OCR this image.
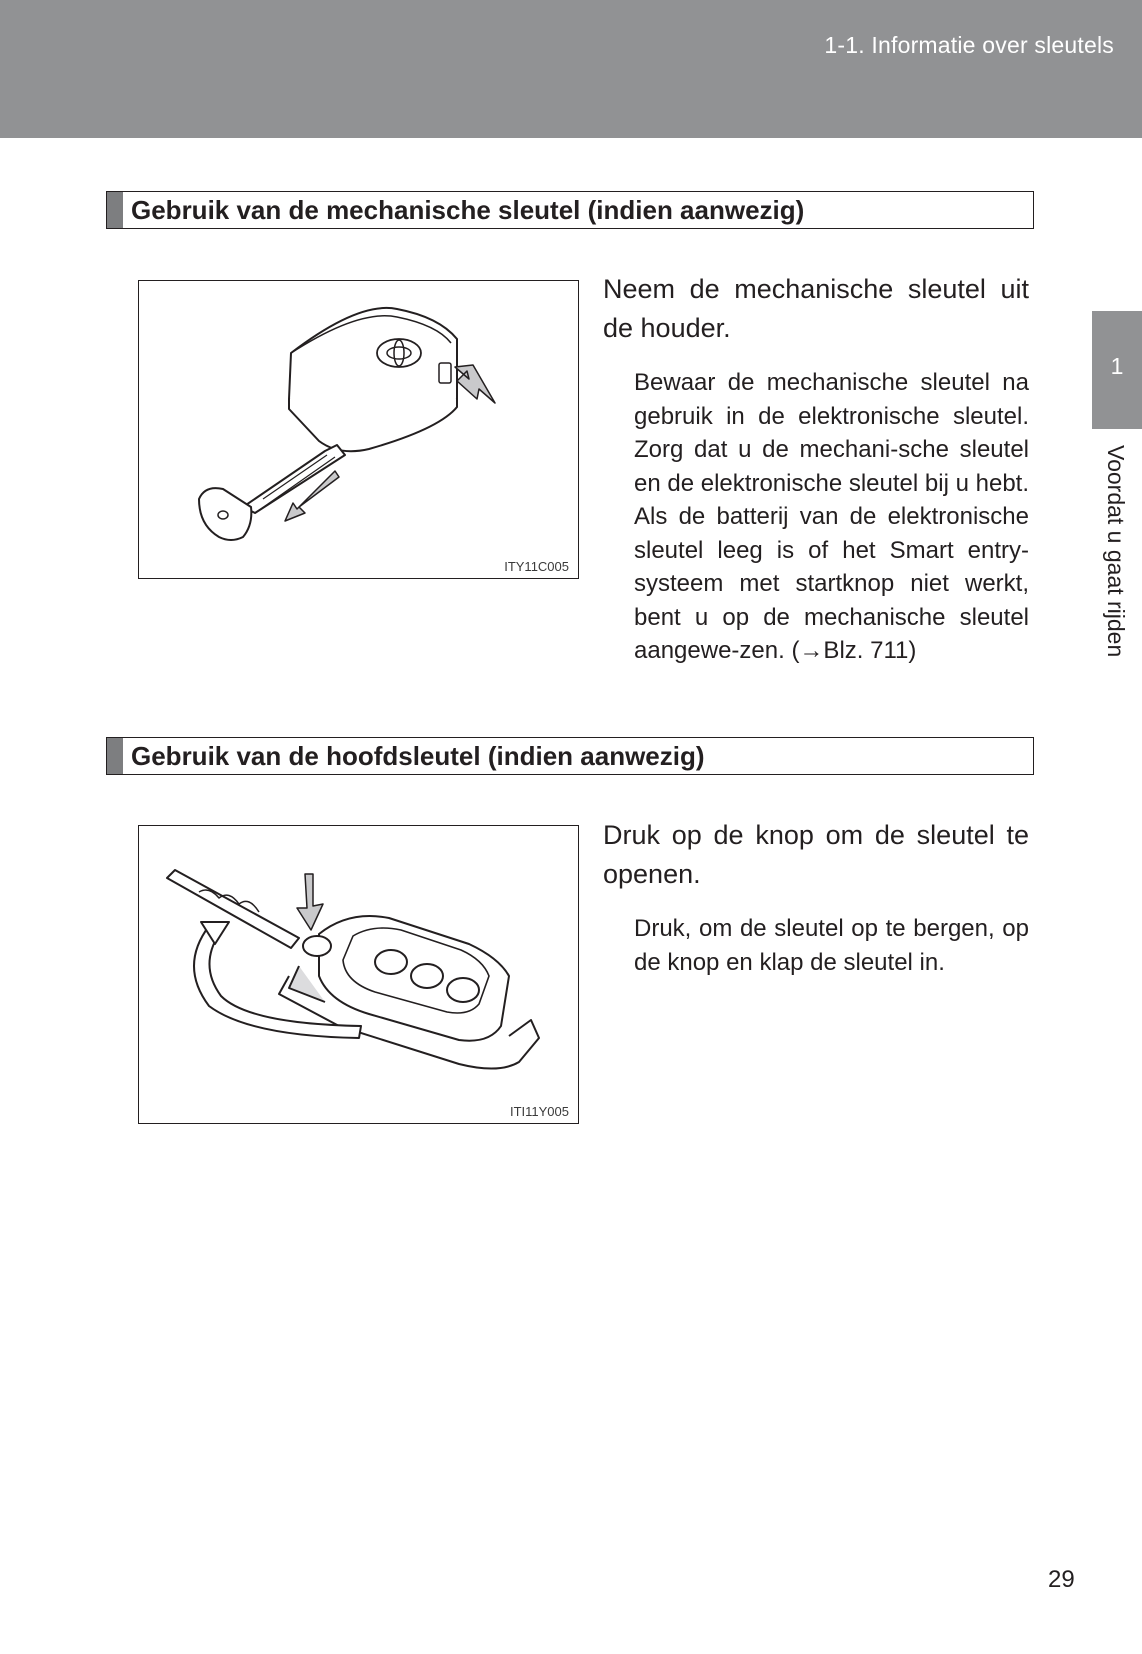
1-1. Informatie over sleutels
Gebruik van de mechanische sleutel (indien aanwezig)
ITY11C005
Neem de mechanische sleutel uit de houder.
Bewaar de mechanische sleutel na gebruik in de elektronische sleutel. Zorg dat u de mechani-sche sleutel en de elektronische sleutel bij u hebt. Als de batterij van de elektronische sleutel leeg is of het Smart entry-systeem met startknop niet werkt, bent u op de mechanische sleutel aangewe-zen. (→Blz. 711)
Gebruik van de hoofdsleutel (indien aanwezig)
ITI11Y005
Druk op de knop om de sleutel te openen.
Druk, om de sleutel op te bergen, op de knop en klap de sleutel in.
1
Voordat u gaat rijden
29
